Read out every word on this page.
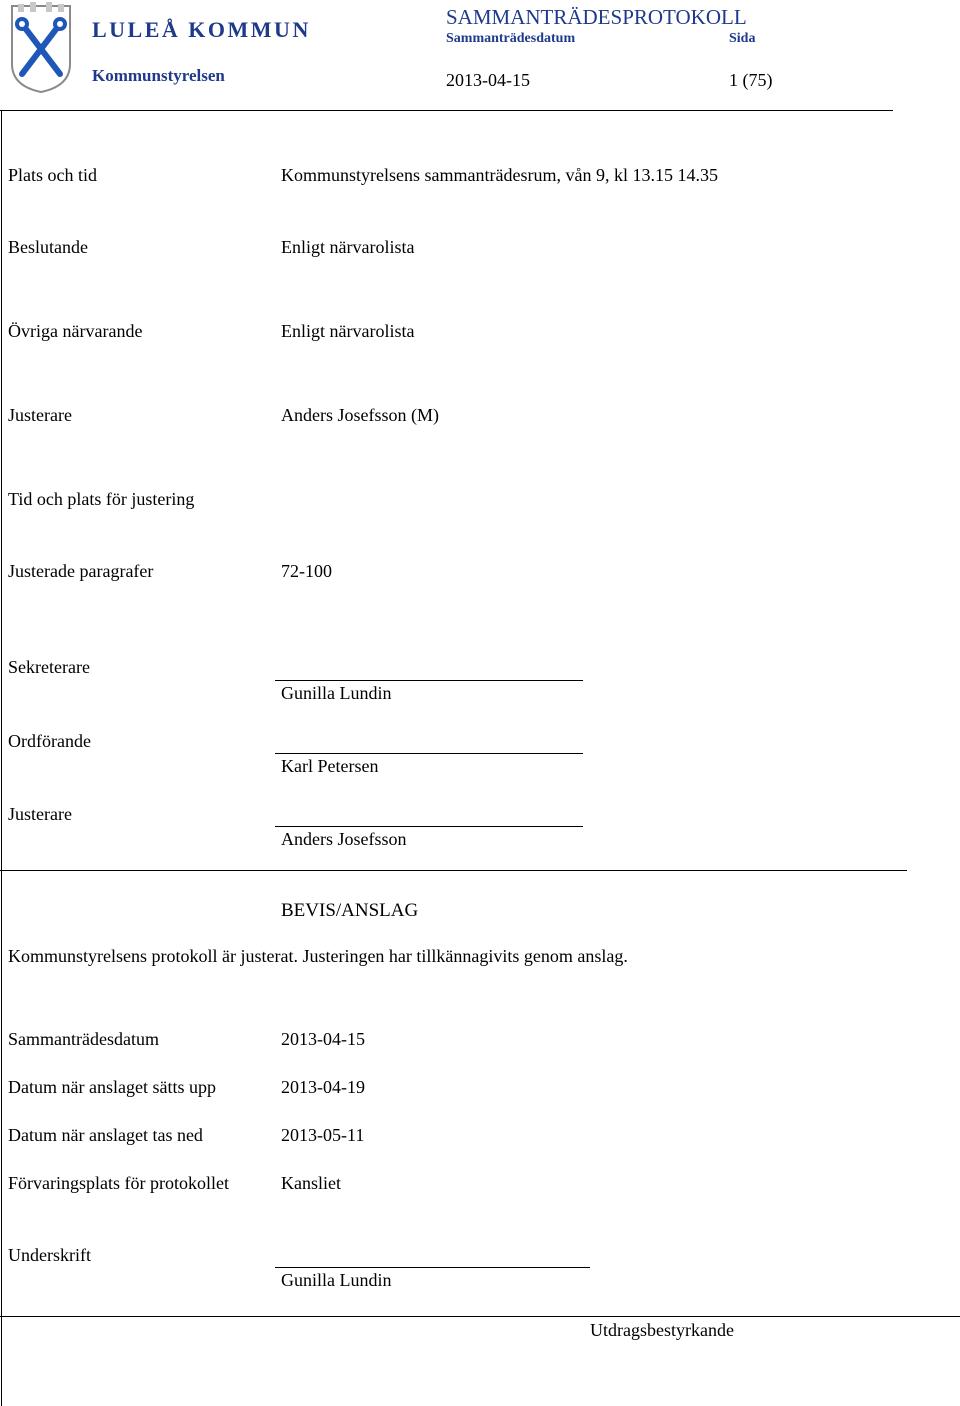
LULEÅ KOMMUN
Kommunstyrelsen
SAMMANTRÄDESPROTOKOLL
Sammanträdesdatum	Sida
2013-04-15	1 (75)
Plats och tid	Kommunstyrelsens sammanträdesrum, vån 9, kl 13.15 14.35
Beslutande	Enligt närvarolista
Övriga närvarande	Enligt närvarolista
Justerare	Anders Josefsson (M)
Tid och plats för justering
Justerade paragrafer	72-100
Sekreterare
Gunilla Lundin
Ordförande
Karl Petersen
Justerare
Anders Josefsson
BEVIS/ANSLAG
Kommunstyrelsens protokoll är justerat. Justeringen har tillkännagivits genom anslag.
Sammanträdesdatum	2013-04-15
Datum när anslaget sätts upp	2013-04-19
Datum när anslaget tas ned	2013-05-11
Förvaringsplats för protokollet	Kansliet
Underskrift
Gunilla Lundin
Utdragsbestyrkande
